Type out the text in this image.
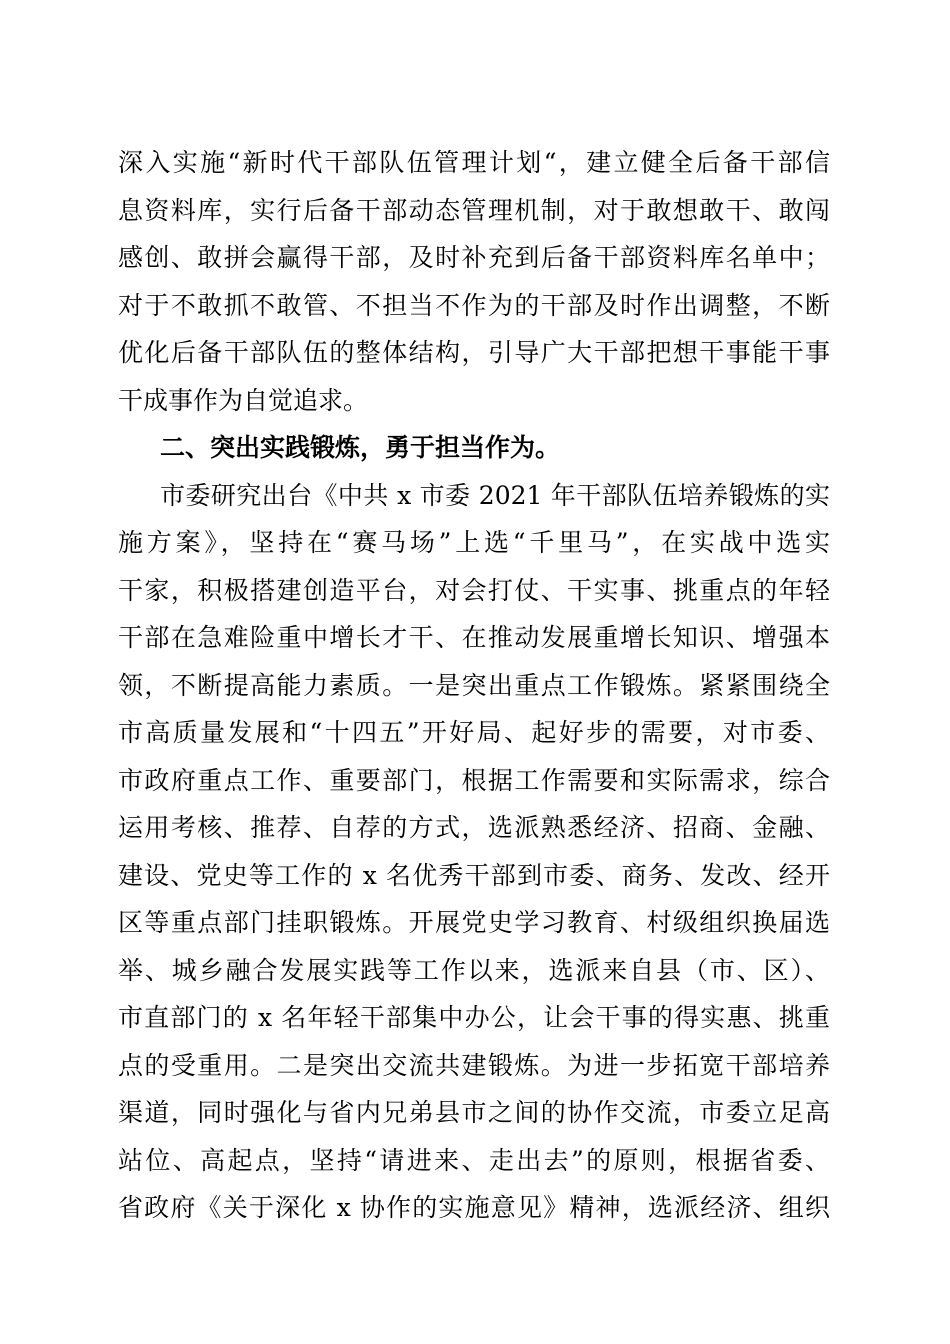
深入实施“新时代干部队伍管理计划“，建立健全后备干部信
息资料库，实行后备干部动态管理机制，对于敢想敢干、敢闯
感创、敢拼会赢得干部，及时补充到后备干部资料库名单中；
对于不敢抓不敢管、不担当不作为的干部及时作出调整，不断
优化后备干部队伍的整体结构，引导广大干部把想干事能干事
干成事作为自觉追求。
二、突出实践锻炼，勇于担当作为。
市委研究出台《中共 x 市委 2021 年干部队伍培养锻炼的实
施方案》，坚持在“赛马场”上选“千里马”，在实战中选实
干家，积极搭建创造平台，对会打仗、干实事、挑重点的年轻
干部在急难险重中增长才干、在推动发展重增长知识、增强本
领，不断提高能力素质。一是突出重点工作锻炼。紧紧围绕全
市高质量发展和“十四五”开好局、起好步的需要，对市委、
市政府重点工作、重要部门，根据工作需要和实际需求，综合
运用考核、推荐、自荐的方式，选派熟悉经济、招商、金融、
建设、党史等工作的 x 名优秀干部到市委、商务、发改、经开
区等重点部门挂职锻炼。开展党史学习教育、村级组织换届选
举、城乡融合发展实践等工作以来，选派来自县（市、区）、
市直部门的 x 名年轻干部集中办公，让会干事的得实惠、挑重
点的受重用。二是突出交流共建锻炼。为进一步拓宽干部培养
渠道，同时强化与省内兄弟县市之间的协作交流，市委立足高
站位、高起点，坚持“请进来、走出去”的原则，根据省委、
省政府《关于深化 x 协作的实施意见》精神，选派经济、组织
